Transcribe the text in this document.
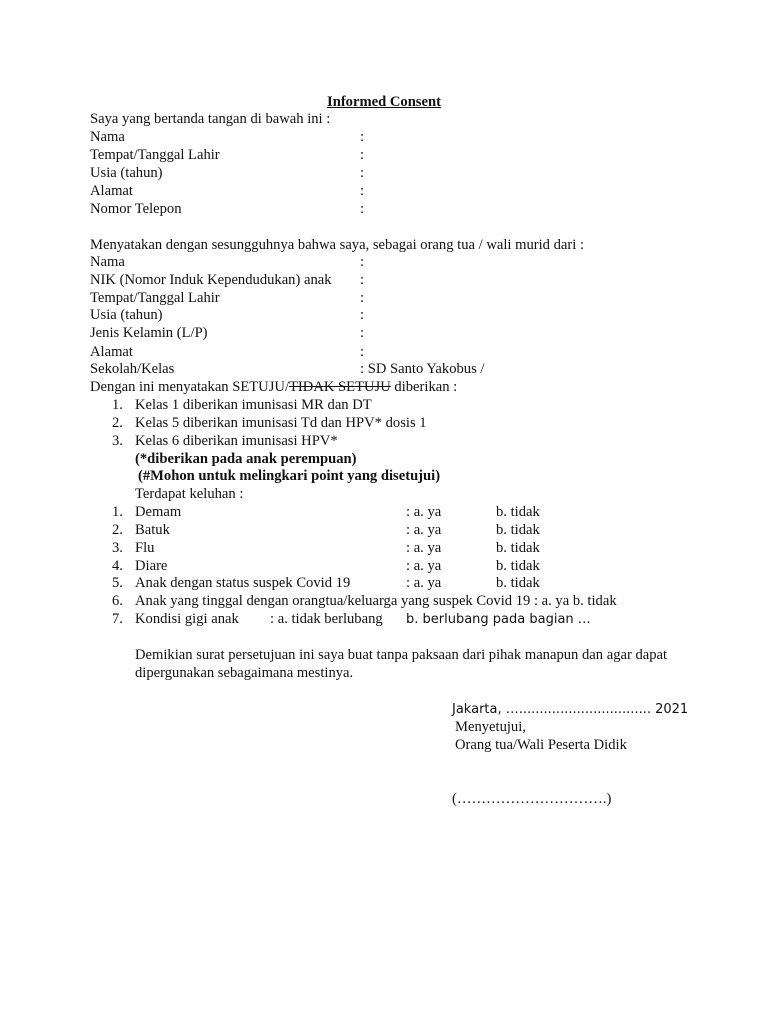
Informed Consent
Saya yang bertanda tangan di bawah ini :
Nama	:
Tempat/Tanggal Lahir	:
Usia (tahun)	:
Alamat	:
Nomor Telepon	:
Menyatakan dengan sesungguhnya bahwa saya, sebagai orang tua / wali murid dari :
Nama	:
NIK (Nomor Induk Kependudukan) anak :
Tempat/Tanggal Lahir	:
Usia (tahun)	:
Jenis Kelamin (L/P)	:
Alamat	:
Sekolah/Kelas	: SD Santo Yakobus /
Dengan ini menyatakan SETUJU/TIDAK SETUJU diberikan :
1. Kelas 1 diberikan imunisasi MR dan DT
2. Kelas 5 diberikan imunisasi Td dan HPV* dosis 1
3. Kelas 6 diberikan imunisasi HPV*
(*diberikan pada anak perempuan)
(#Mohon untuk melingkari point yang disetujui)
Terdapat keluhan :
1. Demam	: a. ya	b. tidak
2. Batuk	: a. ya	b. tidak
3. Flu	: a. ya	b. tidak
4. Diare	: a. ya	b. tidak
5. Anak dengan status suspek Covid 19	: a. ya	b. tidak
6. Anak yang tinggal dengan orangtua/keluarga yang suspek Covid 19 : a. ya b. tidak
7. Kondisi gigi anak : a. tidak berlubang b. berlubang pada bagian …
Demikian surat persetujuan ini saya buat tanpa paksaan dari pihak manapun dan agar dapat
dipergunakan sebagaimana mestinya.
Jakarta, …................................ 2021
Menyetujui,
Orang tua/Wali Peserta Didik
(………………………….)
